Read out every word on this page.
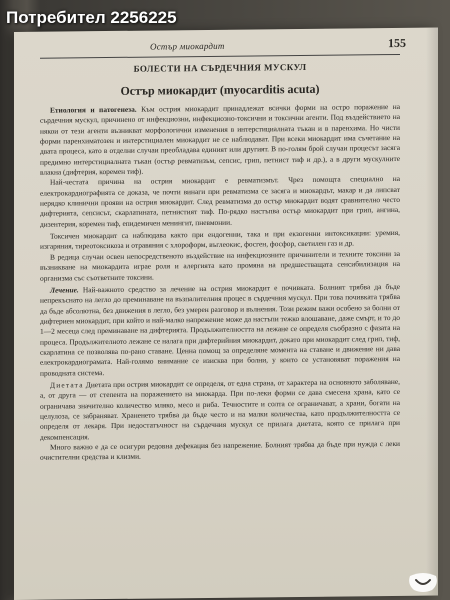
Остър миокардит	155
БОЛЕСТИ НА СЪРДЕЧНИЯ МУСКУЛ
Остър миокардит (myocarditis acuta)

Етиология и патогенеза. Към острия миокардит принадлежат всички форми на остро поражение на сърдечния мускул, причинено от инфекциозни, инфекциозно-токсични и токсични агенти. Под въздействието на някои от тези агенти възникват морфологични изменения в интерстициалната тъкан и в паренхима. Но чисти форми паренхиматозен и интерстициален миокардит не се наблюдават. При всеки миокардит има съчетание на двата процеса, като в отделни случаи преобладава единият или другият. В по-голям брой случаи процесът засяга предимно интерстициалната тъкан (остър ревматизъм, сепсис, грип, петнист тиф и др.), а в други мускулните влакна (дифтерия, коремен тиф).

Най-честата причина на острия миокардит е ревматизмът. Чрез помощта специално на електрокардиографията се доказа, че почти винаги при ревматизма се засяга и миокардът, макар и да липсват нерядко клинични прояви на острия миокардит. След ревматизма до остър миокардит водят сравнително често дифтерията, сепсисът, скарлатината, петнистият тиф. По-рядко настъпва остър миокардит при грип, ангина, дизентерия, коремен тиф, епидемичен менингит, пневмонии.

Токсичен миокардит са наблюдава както при ендогенни, така и при екзогенни интоксикации: уремия, изгаряния, тиреотоксикоза и отравяния с хлороформ, въглеокис, фосген, фосфор, светилен газ и др.

В редица случаи освен непосредственото въздействие на инфекциозните причинители и техните токсини за възникване на миокардита играе роля и алергията като промяна на предшестващата сенсибилизация на организма със съответните токсини.

Лечение. Най-важното средство за лечение на острия миокардит е почивката. Болният трябва да бъде непрекъснато на легло до преминаване на възпалителния процес в сърдечния мускул. При това почивката трябва да бъде абсолютна, без движения в легло, без умерен разговор и вълнения. Този режим важи особено за болни от дифтериен миокардит, при който и най-малко напрежение може да настъпи тежко влошаване, даже смърт, и то до 1—2 месеца след преминаване на дифтерията. Продължителността на лежане се определя съобразно с фазата на процеса. Продължителното лежане се налага при дифтерийния миокардит, докато при миокардит след грип, тиф, скарлатина се позволява по-рано ставане. Ценна помощ за определяне момента на ставане и движение ни дава електрокардиограмата. Най-голямо внимание се изисква при болни, у които се установяват поражения на проводната система.

Диетата Диетата при острия миокардит се определя, от една страна, от характера на основното заболяване, а, от друга — от степента на поражението на миокарда. При по-леки форми се дава смесена храна, като се ограничава значително количество мляко, месо и риба. Течностите и солта се ограничават, а храни, богати на целулоза, се забраняват. Храненето трябва да бъде често и на малки количества, като продължителността се определя от лекаря. При недостатъчност на сърдечния мускул се прилага диетата, която се прилага при декомпенсация.

Много важно е да се осигури редовна дефекация без напрежение. Болният трябва да бъде при нужда с леки очистителни средства и клизми.

Потребител 2256225
